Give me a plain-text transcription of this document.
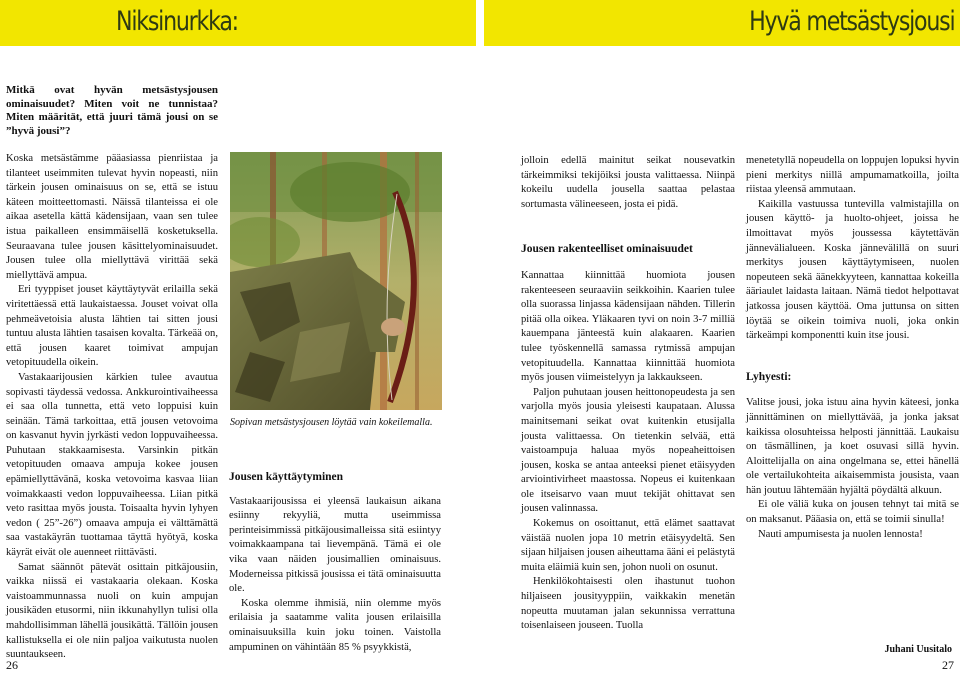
Niksinurkka:	Hyvä metsästysjousi
Mitkä ovat hyvän metsästysjousen ominaisuudet? Miten voit ne tunnistaa? Miten määrität, että juuri tämä jousi on se ”hyvä jousi”?

Koska metsästämme pääasiassa pienriistaa ja tilanteet useimmiten tulevat hyvin nopeasti, niin tärkein jousen ominaisuus on se, että se istuu käteen moitteettomasti. Näissä tilanteissa ei ole aikaa asetella kättä kädensijaan, vaan sen tulee istua paikalleen ensimmäisellä kosketuksella. Seuraavana tulee jousen käsittelyominaisuudet. Jousen tulee olla miellyttävä virittää sekä miellyttävä ampua.

Eri tyyppiset jouset käyttäytyvät erilailla sekä viritettäessä että laukaistaessa. Jouset voivat olla pehmeävetoisia alusta lähtien tai sitten jousi tuntuu alusta lähtien tasaisen kovalta. Tärkeää on, että jousen kaaret toimivat ampujan vetopituudella oikein.

Vastakaarijousien kärkien tulee avautua sopivasti täydessä vedossa. Ankkurointivaiheessa ei saa olla tunnetta, että veto loppuisi kuin seinään. Tämä tarkoittaa, että jousen vetovoima on kasvanut hyvin jyrkästi vedon loppuvaiheessa. Puhutaan stakkaamisesta. Varsinkin pitkän vetopituuden omaava ampuja kokee jousen epämiellyttävänä, koska vetovoima kasvaa liian voimakkaasti vedon loppuvaiheessa. Liian pitkä veto rasittaa myös jousta. Toisaalta hyvin lyhyen vedon ( 25”-26”) omaava ampuja ei välttämättä saa vastakäyrän tuottamaa täyttä hyötyä, koska käyrät eivät ole auenneet riittävästi.

Samat säännöt pätevät osittain pitkäjousiin, vaikka niissä ei vastakaaria olekaan. Koska vaistoammunnassa nuoli on kuin ampujan jousikäden etusormi, niin ikkunahyllyn tulisi olla mahdollisimman lähellä jousikättä. Tällöin jousen kallistuksella ei ole niin paljoa vaikutusta nuolen suuntaukseen.

Sopivan metsästysjousen löytää vain kokeilemalla.
Jousen käyttäytyminen

Vastakaarijousissa ei yleensä laukaisun aikana esiinny rekyyliä, mutta useimmissa perinteisimmissä pitkäjousimalleissa sitä esiintyy voimakkaampana tai lievempänä. Tämä ei ole vika vaan näiden jousimallien ominaisuus. Moderneissa pitkissä jousissa ei tätä ominaisuutta ole.

Koska olemme ihmisiä, niin olemme myös erilaisia ja saatamme valita jousen erilaisilla ominaisuuksilla kuin joku toinen. Vaistolla ampuminen on vähintään 85 % psyykkistä,

jolloin edellä mainitut seikat nousevatkin tärkeimmiksi tekijöiksi jousta valittaessa. Niinpä kokeilu uudella jousella saattaa pelastaa sortumasta välineeseen, josta ei pidä.

Jousen rakenteelliset ominaisuudet

Kannattaa kiinnittää huomiota jousen rakenteeseen seuraaviin seikkoihin. Kaarien tulee olla suorassa linjassa kädensijaan nähden. Tillerin pitää olla oikea. Yläkaaren tyvi on noin 3-7 milliä kauempana jänteestä kuin alakaaren. Kaarien tulee työskennellä samassa rytmissä ampujan vetopituudella. Kannattaa kiinnittää huomiota myös jousen viimeistelyyn ja lakkaukseen.

Paljon puhutaan jousen heittonopeudesta ja sen varjolla myös jousia yleisesti kaupataan. Alussa mainitsemani seikat ovat kuitenkin etusijalla jousta valittaessa. On tietenkin selvää, että vaistoampuja haluaa myös nopeaheittoisen jousen, koska se antaa anteeksi pienet etäisyyden arviointivirheet maastossa. Nopeus ei kuitenkaan ole itseisarvo vaan muut tekijät ohittavat sen jousen valinnassa.

Kokemus on osoittanut, että elämet saattavat väistää nuolen jopa 10 metrin etäisyydeltä. Sen sijaan hiljaisen jousen aiheuttama ääni ei pelästytä muita eläimiä kuin sen, johon nuoli on osunut.

Henkilökohtaisesti olen ihastunut tuohon hiljaiseen jousityyppiin, vaikkakin menetän nopeutta muutaman jalan sekunnissa verrattuna toisenlaiseen jouseen. Tuolla

menetetyllä nopeudella on loppujen lopuksi hyvin pieni merkitys niillä ampumamatkoilla, joilta riistaa yleensä ammutaan.

Kaikilla vastuussa tuntevilla valmistajilla on jousen käyttö- ja huolto-ohjeet, joissa he ilmoittavat myös joussessa käytettävän jännevälialueen. Koska jännevälillä on suuri merkitys jousen käyttäytymiseen, nuolen nopeuteen sekä äänekkyyteen, kannattaa kokeilla ääriaulet laidasta laitaan. Nämä tiedot helpottavat jatkossa jousen käyttöä. Oma juttunsa on sitten löytää se oikein toimiva nuoli, joka onkin tärkeämpi komponentti kuin itse jousi.

Lyhyesti:

Valitse jousi, joka istuu aina hyvin käteesi, jonka jännittäminen on miellyttävää, ja jonka jaksat kaikissa olosuhteissa helposti jännittää. Laukaisu on täsmällinen, ja koet osuvasi sillä hyvin. Aloittelijalla on aina ongelmana se, ettei hänellä ole vertailukohteita aikaisemmista jousista, vaan hän joutuu lähtemään hyjältä pöydältä alkuun.

Ei ole väliä kuka on jousen tehnyt tai mitä se on maksanut. Pääasia on, että se toimii sinulla!

Nauti ampumisesta ja nuolen lennosta!

Juhani Uusitalo
26	27
